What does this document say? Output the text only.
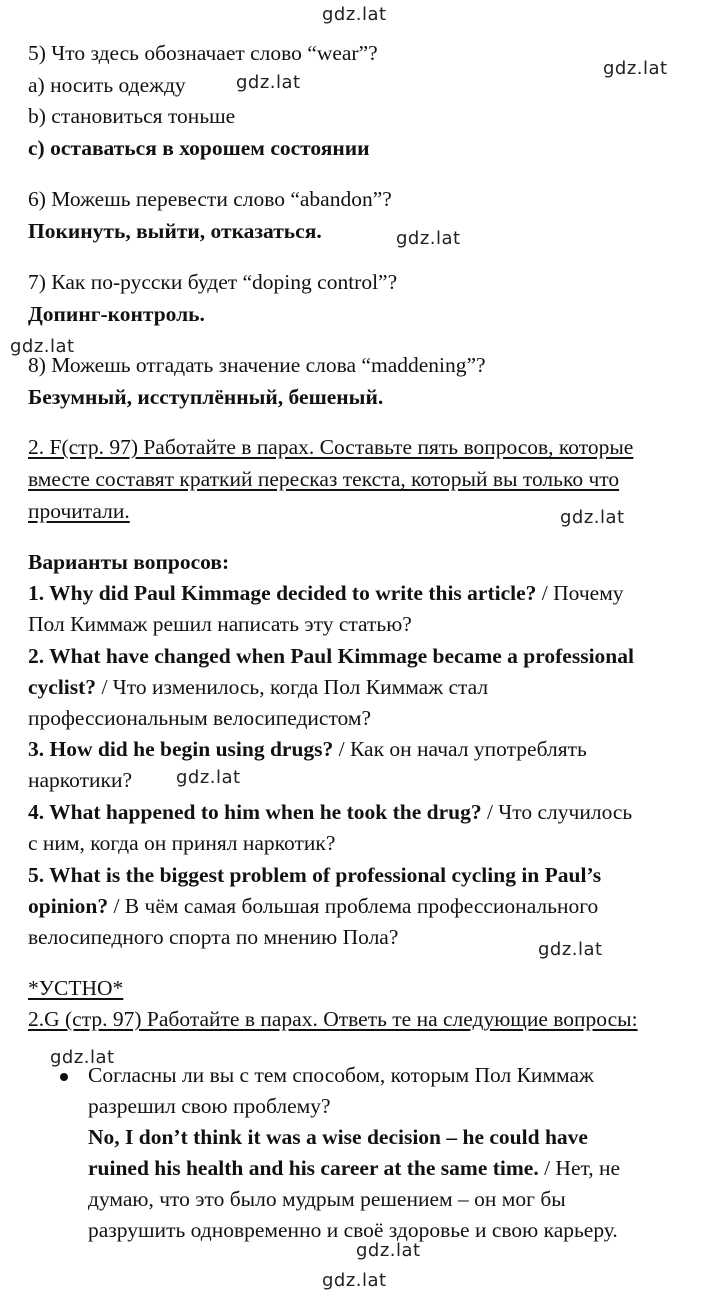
gdz.lat
gdz.lat
gdz.lat
gdz.lat
gdz.lat
gdz.lat
gdz.lat
gdz.lat
gdz.lat
gdz.lat
gdz.lat
5) Что здесь обозначает слово “wear”?
a) носить одежду
b) становиться тоньше
c) оставаться в хорошем состоянии
6) Можешь перевести слово “abandon”?
Покинуть, выйти, отказаться.
7) Как по-русски будет “doping control”?
Допинг-контроль.
8) Можешь отгадать значение слова “maddening”?
Безумный, исступлённый, бешеный.
2. F(стр. 97) Работайте в парах. Составьте пять вопросов, которые
вместе составят краткий пересказ текста, который вы только что
прочитали.
Варианты вопросов:
1. Why did Paul Kimmage decided to write this article? / Почему
Пол Киммаж решил написать эту статью?
2. What have changed when Paul Kimmage became a professional
cyclist? / Что изменилось, когда Пол Киммаж стал
профессиональным велосипедистом?
3. How did he begin using drugs? / Как он начал употреблять
наркотики?
4. What happened to him when he took the drug? / Что случилось
с ним, когда он принял наркотик?
5. What is the biggest problem of professional cycling in Paul’s
opinion? / В чём самая большая проблема профессионального
велосипедного спорта по мнению Пола?
*УСТНО*
2.G (стр. 97) Работайте в парах. Ответь те на следующие вопросы:
Согласны ли вы с тем способом, которым Пол Киммаж
разрешил свою проблему?
No, I don’t think it was a wise decision – he could have
ruined his health and his career at the same time. / Нет, не
думаю, что это было мудрым решением – он мог бы
разрушить одновременно и своё здоровье и свою карьеру.
